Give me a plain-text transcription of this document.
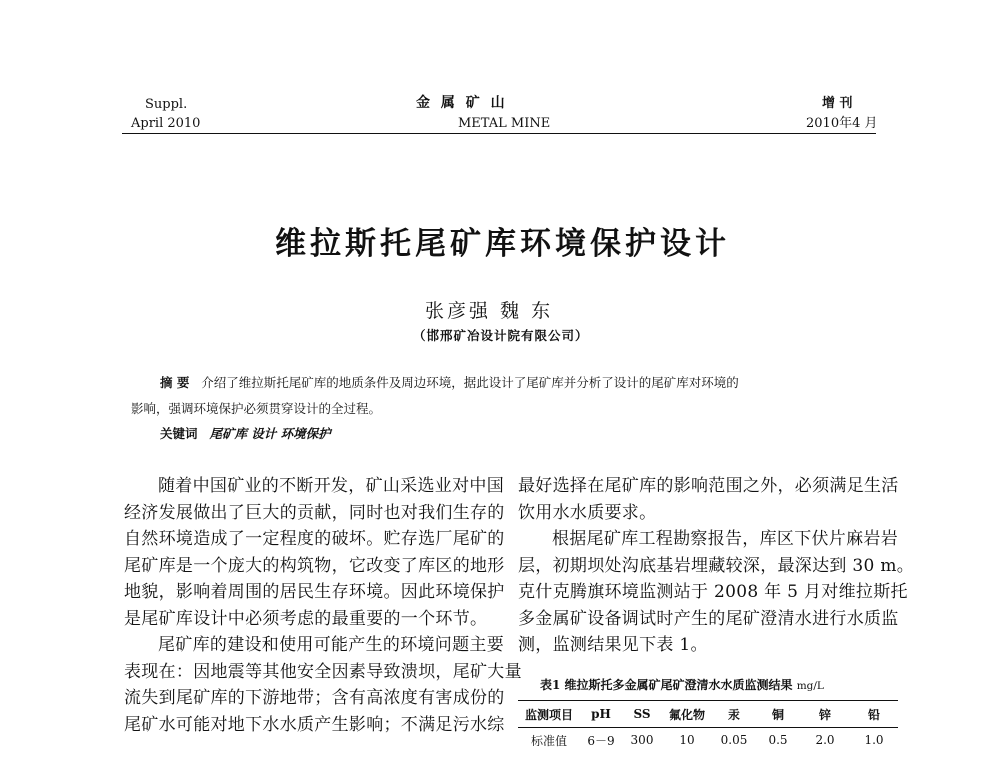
Suppl.
April 2010
金 属 矿 山
METAL MINE
增 刊
2010年4 月
维拉斯托尾矿库环境保护设计
张彦强 魏 东
（邯邢矿冶设计院有限公司）
摘 要 介绍了维拉斯托尾矿库的地质条件及周边环境，据此设计了尾矿库并分析了设计的尾矿库对环境的
影响，强调环境保护必须贯穿设计的全过程。
关键词 尾矿库 设计 环境保护
随着中国矿业的不断开发，矿山采选业对中国
经济发展做出了巨大的贡献，同时也对我们生存的
自然环境造成了一定程度的破坏。贮存选厂尾矿的
尾矿库是一个庞大的构筑物，它改变了库区的地形
地貌，影响着周围的居民生存环境。因此环境保护
是尾矿库设计中必须考虑的最重要的一个环节。
尾矿库的建设和使用可能产生的环境问题主要
表现在：因地震等其他安全因素导致溃坝，尾矿大量
流失到尾矿库的下游地带；含有高浓度有害成份的
尾矿水可能对地下水水质产生影响；不满足污水综
最好选择在尾矿库的影响范围之外，必须满足生活
饮用水水质要求。
根据尾矿库工程勘察报告，库区下伏片麻岩岩
层，初期坝处沟底基岩埋藏较深，最深达到 30 m。
克什克腾旗环境监测站于 2008 年 5 月对维拉斯托
多金属矿设备调试时产生的尾矿澄清水进行水质监
测，监测结果见下表 1。
表1 维拉斯托多金属矿尾矿澄清水水质监测结果 mg/L
监测项目	pH	SS	氟化物	汞	铜	锌	铅
标准值	6－9	300	10	0.05	0.5	2.0	1.0
